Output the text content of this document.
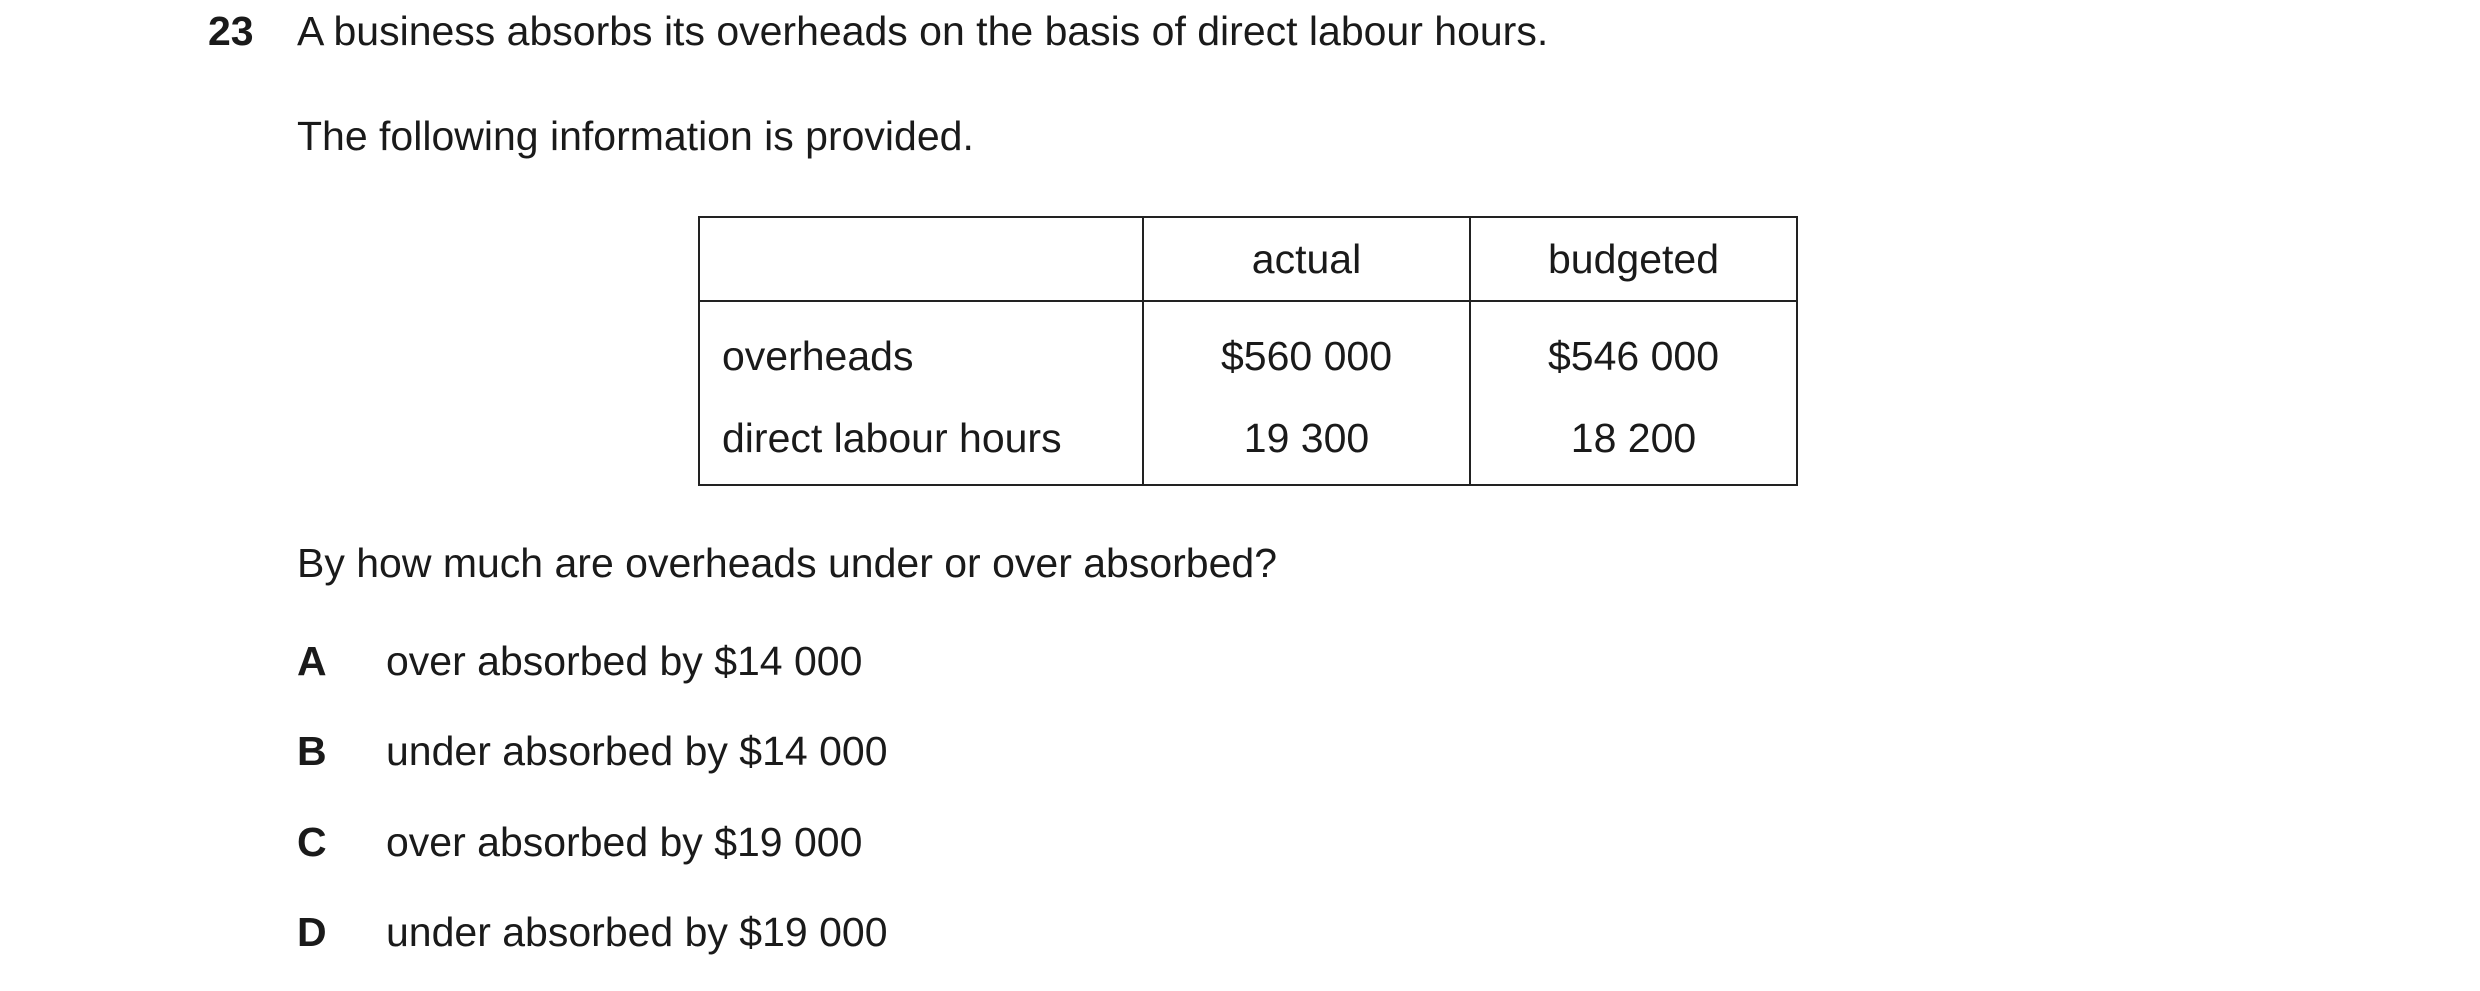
23 A business absorbs its overheads on the basis of direct labour hours.
The following information is provided.
	actual	budgeted
overheads	$560 000	$546 000
direct labour hours	19 300	18 200
By how much are overheads under or over absorbed?
A over absorbed by $14 000
B under absorbed by $14 000
C over absorbed by $19 000
D under absorbed by $19 000
